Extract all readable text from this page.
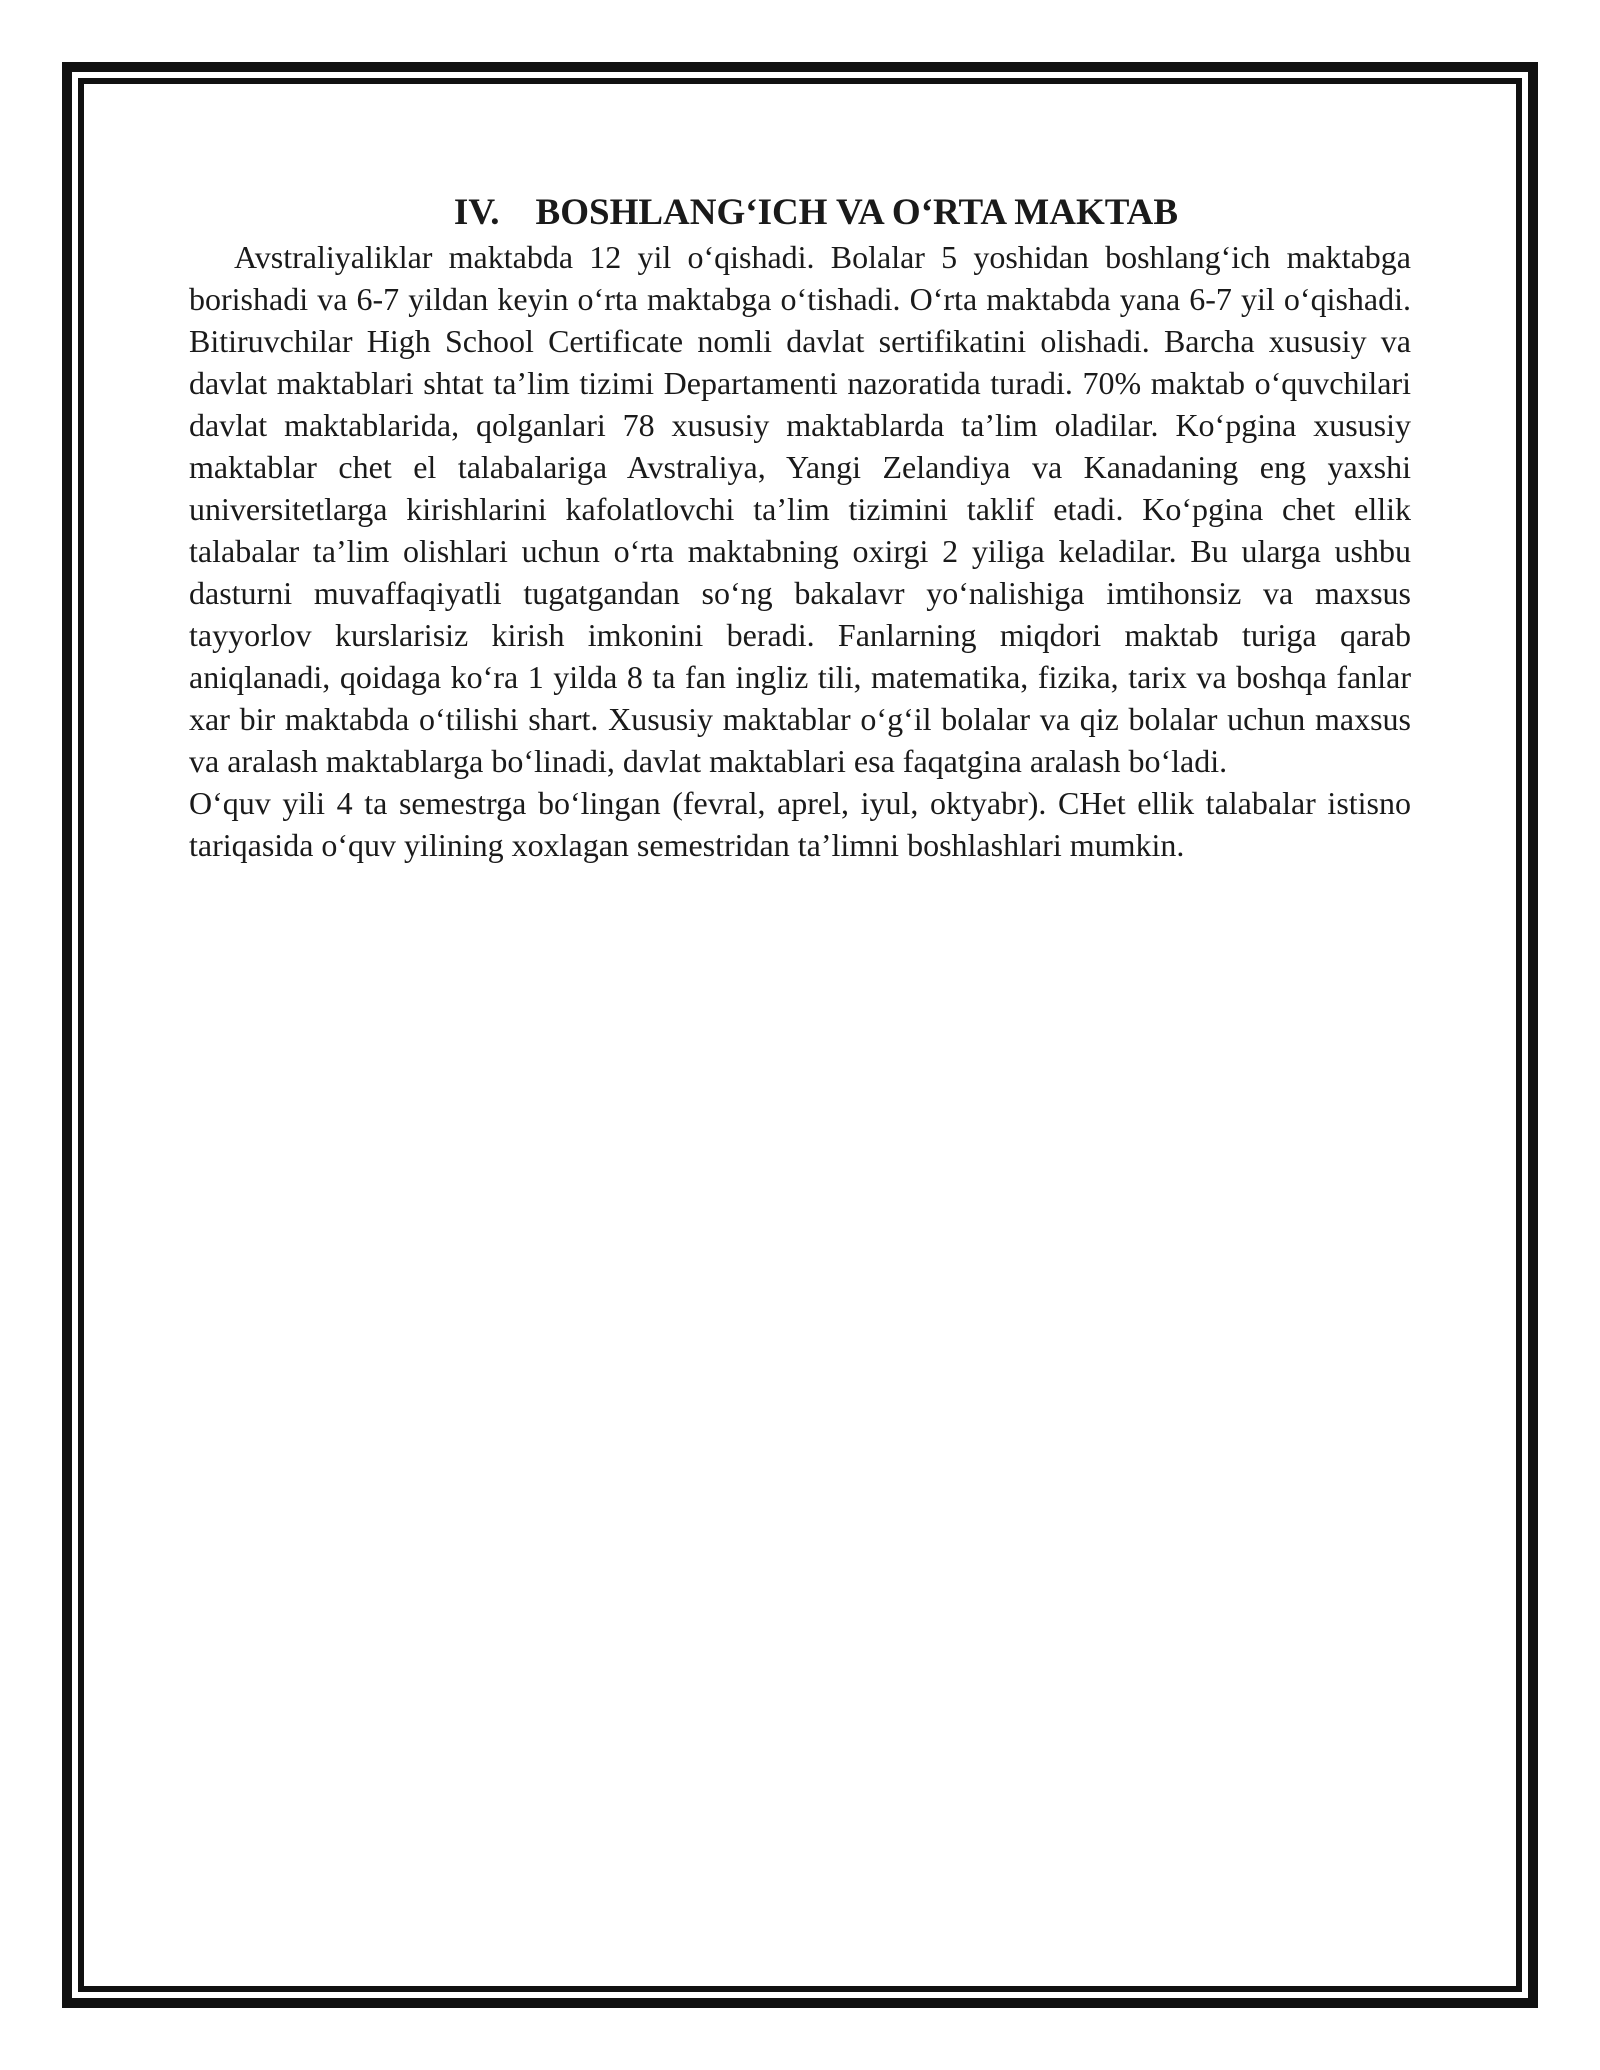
IV. BOSHLANG‘ICH VA O‘RTA MAKTAB

Avstraliyaliklar maktabda 12 yil o‘qishadi. Bolalar 5 yoshidan boshlang‘ich maktabga borishadi va 6-7 yildan keyin o‘rta maktabga o‘tishadi. O‘rta maktabda yana 6-7 yil o‘qishadi. Bitiruvchilar High School Certificate nomli davlat sertifikatini olishadi. Barcha xususiy va davlat maktablari shtat ta’lim tizimi Departamenti nazoratida turadi. 70% maktab o‘quvchilari davlat maktablarida, qolganlari 78 xususiy maktablarda ta’lim oladilar. Ko‘pgina xususiy maktablar chet el talabalariga Avstraliya, Yangi Zelandiya va Kanadaning eng yaxshi universitetlarga kirishlarini kafolatlovchi ta’lim tizimini taklif etadi. Ko‘pgina chet ellik talabalar ta’lim olishlari uchun o‘rta maktabning oxirgi 2 yiliga keladilar. Bu ularga ushbu dasturni muvaffaqiyatli tugatgandan so‘ng bakalavr yo‘nalishiga imtihonsiz va maxsus tayyorlov kurslarisiz kirish imkonini beradi. Fanlarning miqdori maktab turiga qarab aniqlanadi, qoidaga ko‘ra 1 yilda 8 ta fan ingliz tili, matematika, fizika, tarix va boshqa fanlar xar bir maktabda o‘tilishi shart. Xususiy maktablar o‘g‘il bolalar va qiz bolalar uchun maxsus va aralash maktablarga bo‘linadi, davlat maktablari esa faqatgina aralash bo‘ladi.

O‘quv yili 4 ta semestrga bo‘lingan (fevral, aprel, iyul, oktyabr). CHet ellik talabalar istisno tariqasida o‘quv yilining xoxlagan semestridan ta’limni boshlashlari mumkin.
